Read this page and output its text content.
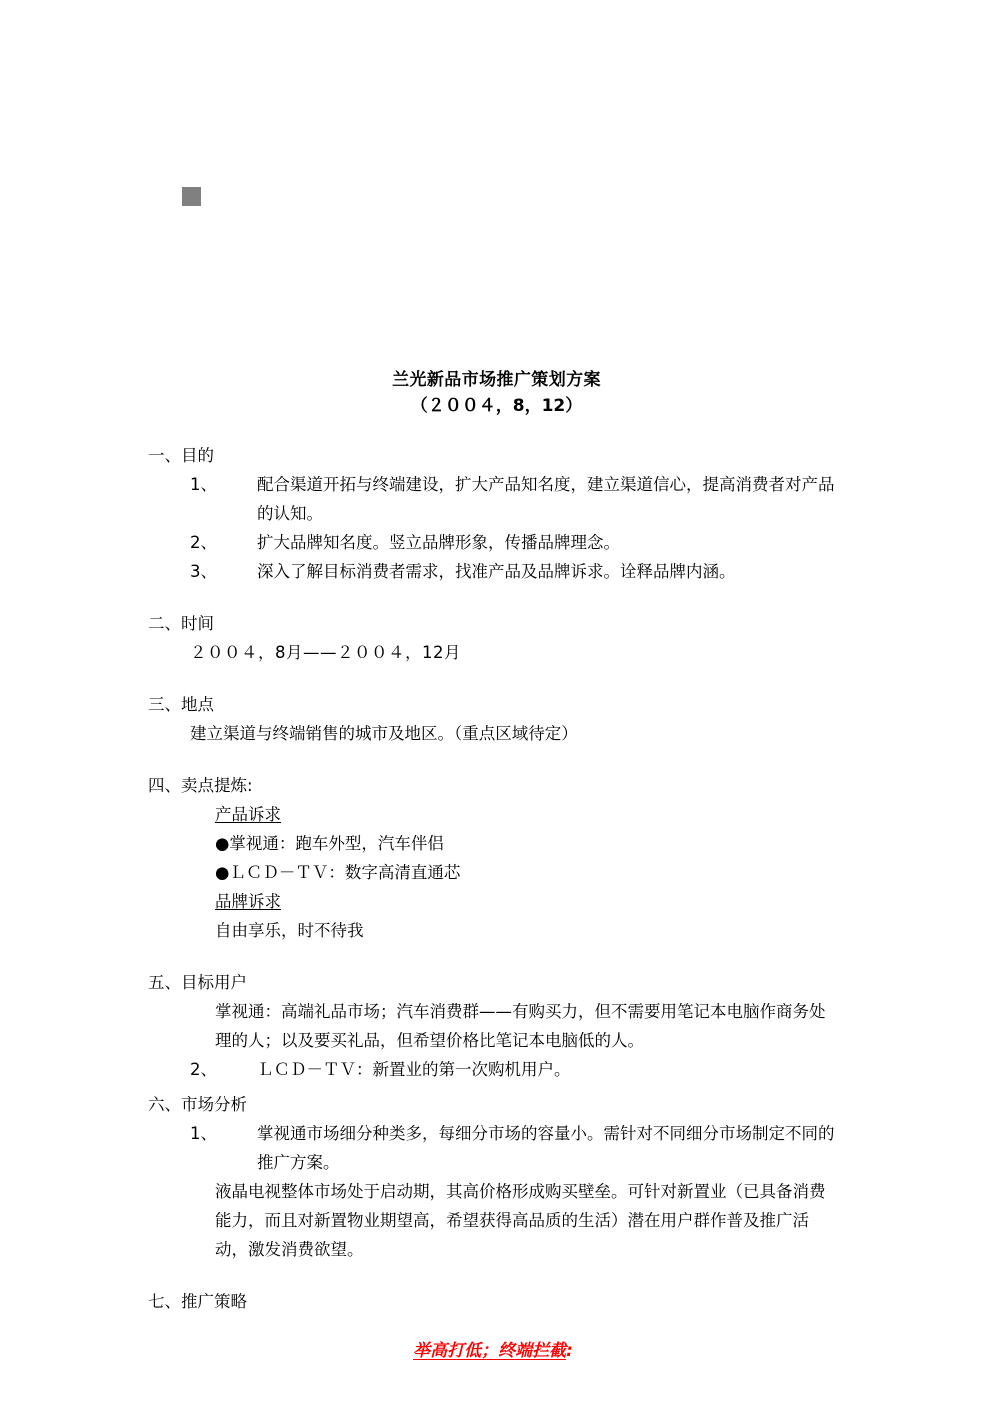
兰光新品市场推广策划方案
（２００４，8，12）
一、目的
1、	配合渠道开拓与终端建设，扩大产品知名度，建立渠道信心，提高消费者对产品的认知。
2、	扩大品牌知名度。竖立品牌形象，传播品牌理念。
3、	深入了解目标消费者需求，找准产品及品牌诉求。诠释品牌内涵。
二、时间
２００４，8月——２００４，12月
三、地点
建立渠道与终端销售的城市及地区。（重点区域待定）
四、卖点提炼:
产品诉求
●掌视通：跑车外型，汽车伴侣
●ＬＣＤ－ＴＶ：数字高清直通芯
品牌诉求
自由享乐，时不待我
五、目标用户
掌视通：高端礼品市场；汽车消费群——有购买力，但不需要用笔记本电脑作商务处理的人；以及要买礼品，但希望价格比笔记本电脑低的人。
2、	ＬＣＤ－ＴＶ：新置业的第一次购机用户。
六、市场分析
1、	掌视通市场细分种类多，每细分市场的容量小。需针对不同细分市场制定不同的推广方案。
液晶电视整体市场处于启动期，其高价格形成购买壁垒。可针对新置业（已具备消费能力，而且对新置物业期望高，希望获得高品质的生活）潜在用户群作普及推广活动，激发消费欲望。
七、推广策略
举高打低；终端拦截:
